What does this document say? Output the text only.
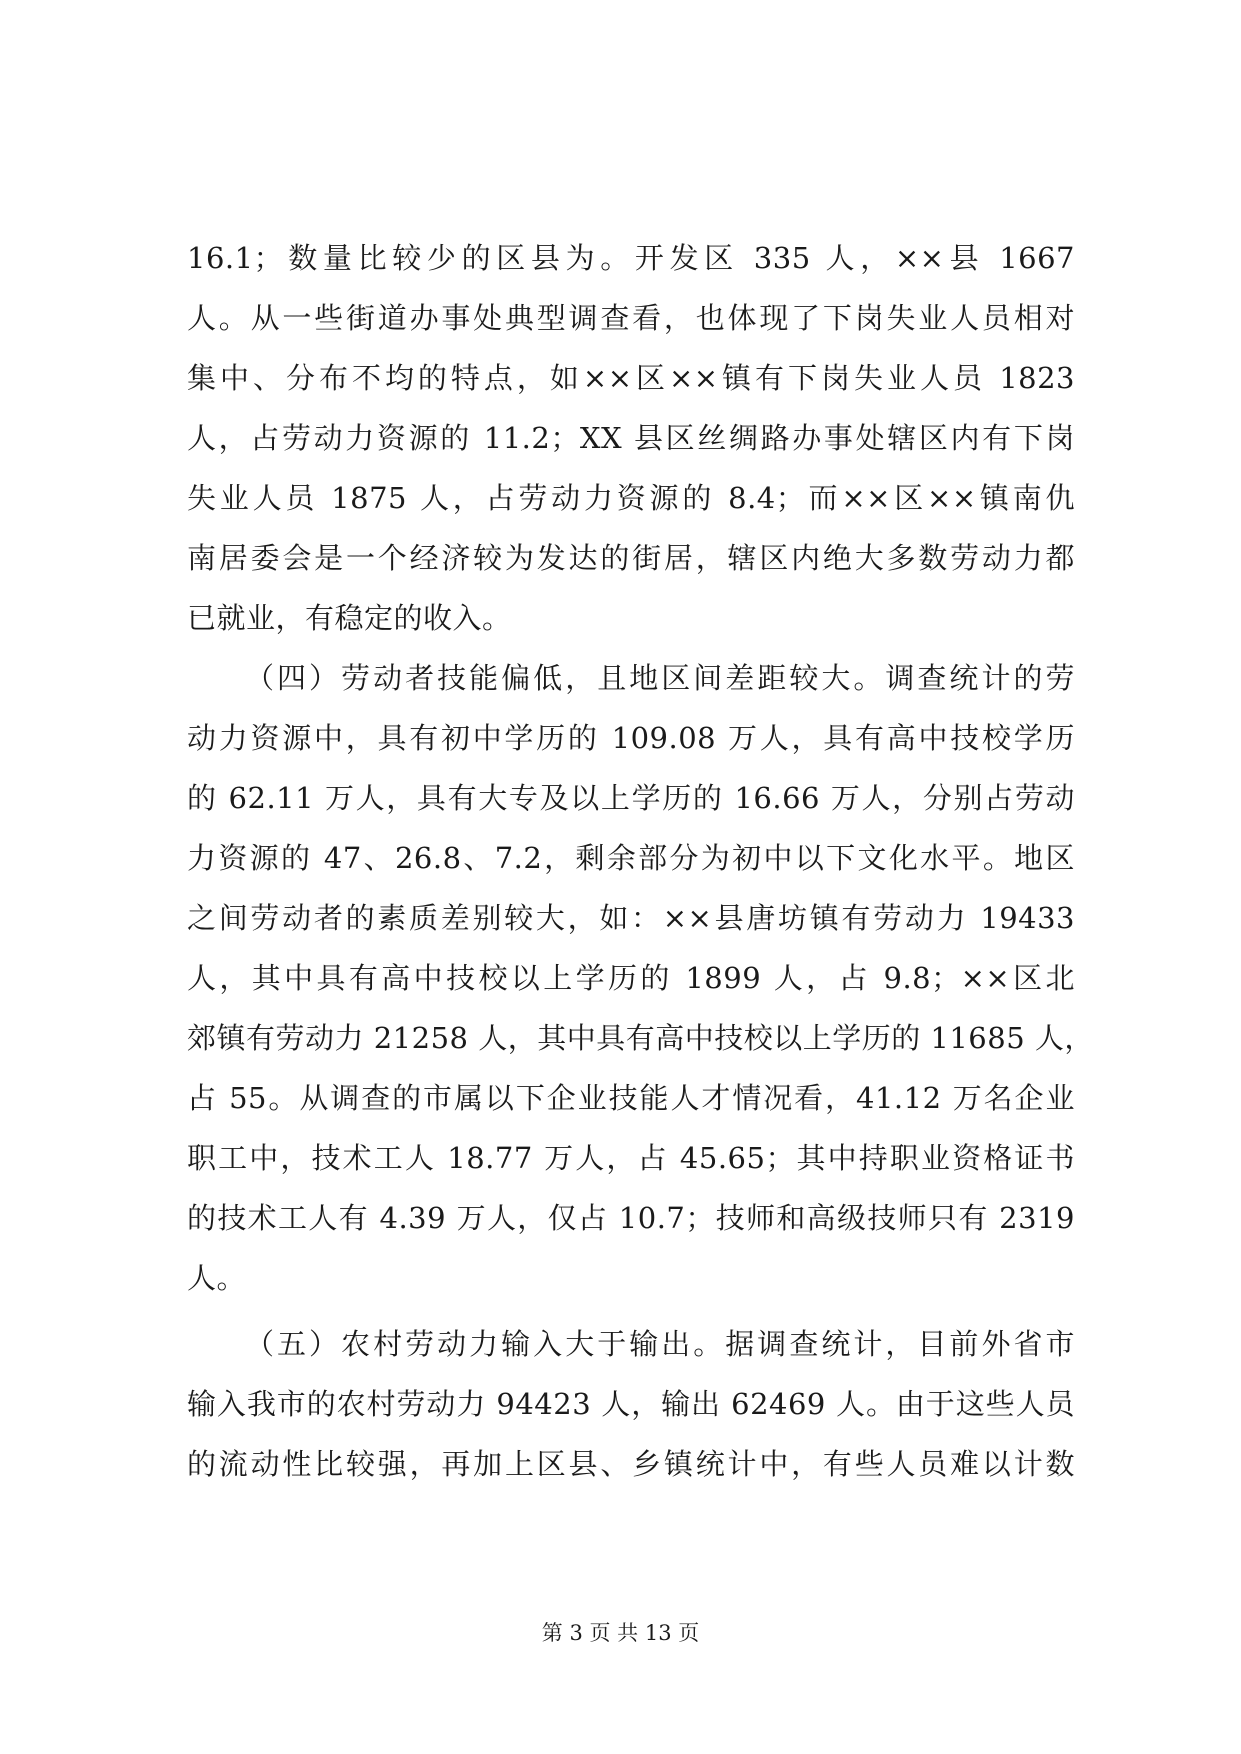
16.1；数量比较少的区县为。开发区 335 人，××县 1667
人。从一些街道办事处典型调查看，也体现了下岗失业人员相对
集中、分布不均的特点，如××区××镇有下岗失业人员 1823
人，占劳动力资源的 11.2；XX 县区丝绸路办事处辖区内有下岗
失业人员 1875 人，占劳动力资源的 8.4；而××区××镇南仇
南居委会是一个经济较为发达的街居，辖区内绝大多数劳动力都
已就业，有稳定的收入。
（四）劳动者技能偏低，且地区间差距较大。调查统计的劳
动力资源中，具有初中学历的 109.08 万人，具有高中技校学历
的 62.11 万人，具有大专及以上学历的 16.66 万人，分别占劳动
力资源的 47、26.8、7.2，剩余部分为初中以下文化水平。地区
之间劳动者的素质差别较大，如：××县唐坊镇有劳动力 19433
人，其中具有高中技校以上学历的 1899 人，占 9.8；××区北
郊镇有劳动力 21258 人，其中具有高中技校以上学历的 11685 人，
占 55。从调查的市属以下企业技能人才情况看，41.12 万名企业
职工中，技术工人 18.77 万人，占 45.65；其中持职业资格证书
的技术工人有 4.39 万人，仅占 10.7；技师和高级技师只有 2319
人。
（五）农村劳动力输入大于输出。据调查统计，目前外省市
输入我市的农村劳动力 94423 人，输出 62469 人。由于这些人员
的流动性比较强，再加上区县、乡镇统计中，有些人员难以计数
第 3 页 共 13 页
